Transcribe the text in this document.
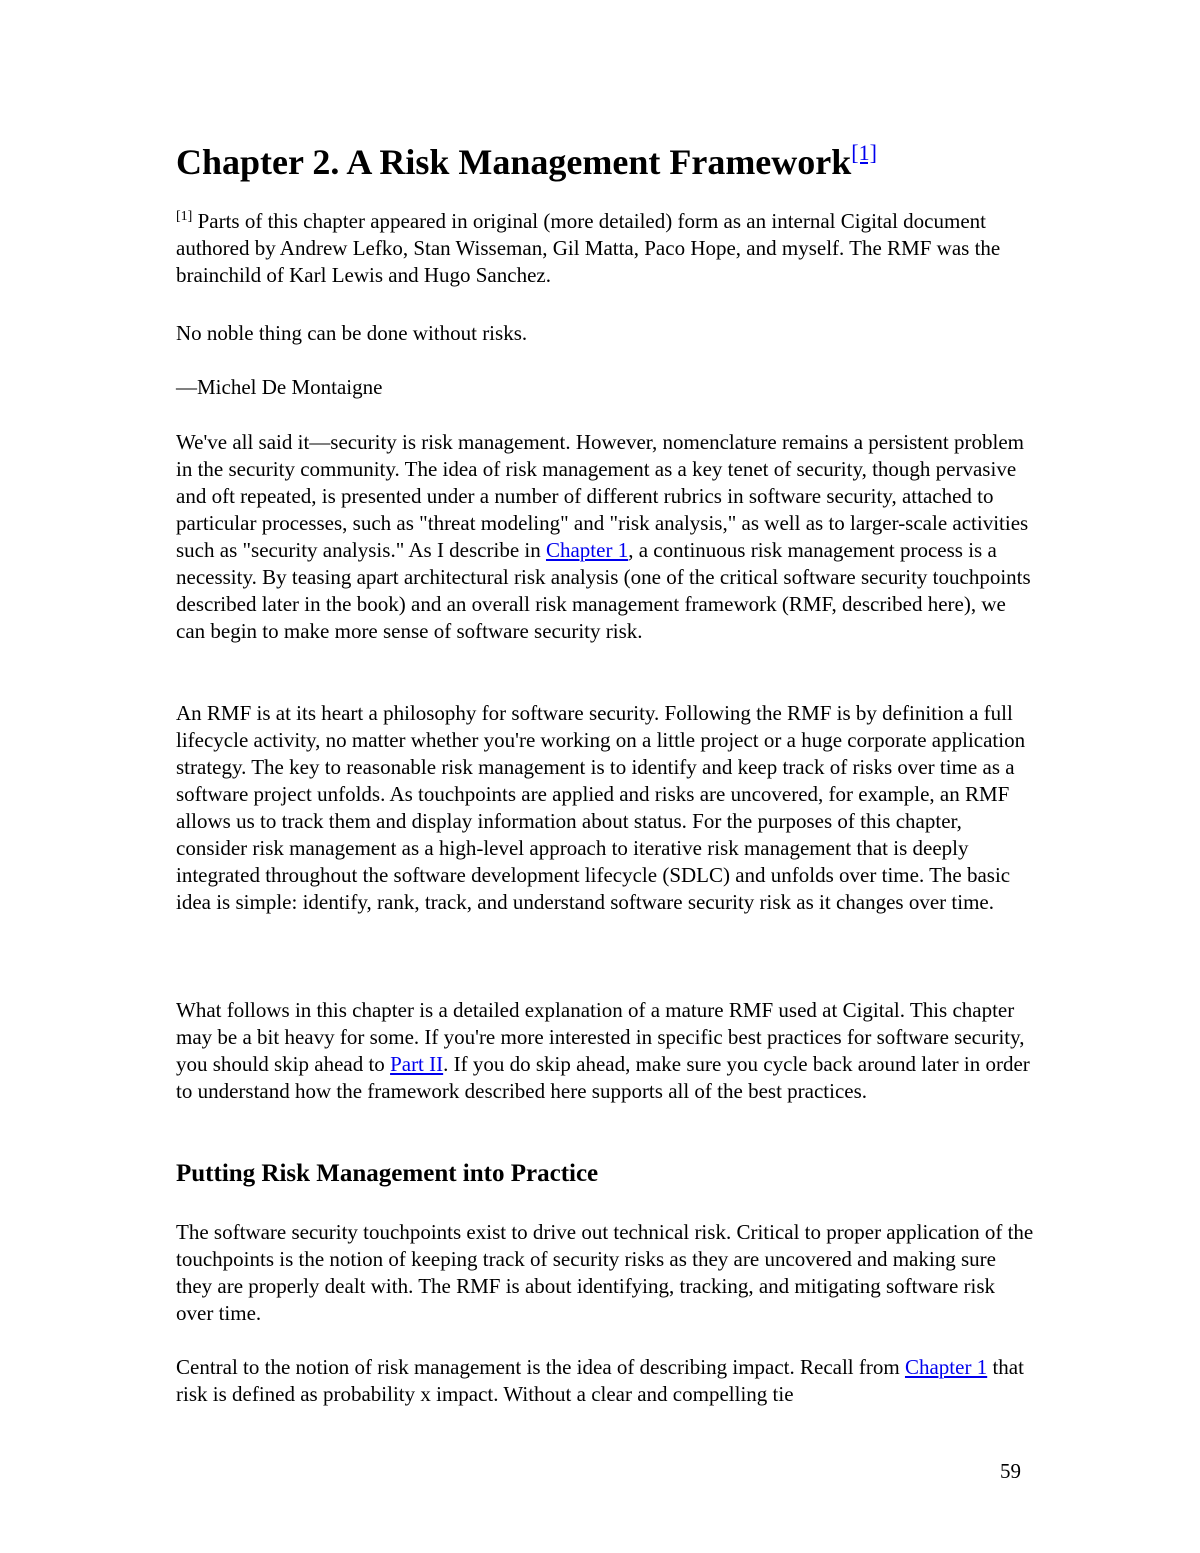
Chapter 2. A Risk Management Framework[1]

[1] Parts of this chapter appeared in original (more detailed) form as an internal Cigital document authored by Andrew Lefko, Stan Wisseman, Gil Matta, Paco Hope, and myself. The RMF was the brainchild of Karl Lewis and Hugo Sanchez.

No noble thing can be done without risks.

—Michel De Montaigne

We've all said it—security is risk management. However, nomenclature remains a persistent problem in the security community. The idea of risk management as a key tenet of security, though pervasive and oft repeated, is presented under a number of different rubrics in software security, attached to particular processes, such as "threat modeling" and "risk analysis," as well as to larger-scale activities such as "security analysis." As I describe in Chapter 1, a continuous risk management process is a necessity. By teasing apart architectural risk analysis (one of the critical software security touchpoints described later in the book) and an overall risk management framework (RMF, described here), we can begin to make more sense of software security risk.

An RMF is at its heart a philosophy for software security. Following the RMF is by definition a full lifecycle activity, no matter whether you're working on a little project or a huge corporate application strategy. The key to reasonable risk management is to identify and keep track of risks over time as a software project unfolds. As touchpoints are applied and risks are uncovered, for example, an RMF allows us to track them and display information about status. For the purposes of this chapter, consider risk management as a high-level approach to iterative risk management that is deeply integrated throughout the software development lifecycle (SDLC) and unfolds over time. The basic idea is simple: identify, rank, track, and understand software security risk as it changes over time.

What follows in this chapter is a detailed explanation of a mature RMF used at Cigital. This chapter may be a bit heavy for some. If you're more interested in specific best practices for software security, you should skip ahead to Part II. If you do skip ahead, make sure you cycle back around later in order to understand how the framework described here supports all of the best practices.

Putting Risk Management into Practice

The software security touchpoints exist to drive out technical risk. Critical to proper application of the touchpoints is the notion of keeping track of security risks as they are uncovered and making sure they are properly dealt with. The RMF is about identifying, tracking, and mitigating software risk over time.

Central to the notion of risk management is the idea of describing impact. Recall from Chapter 1 that risk is defined as probability x impact. Without a clear and compelling tie

59
